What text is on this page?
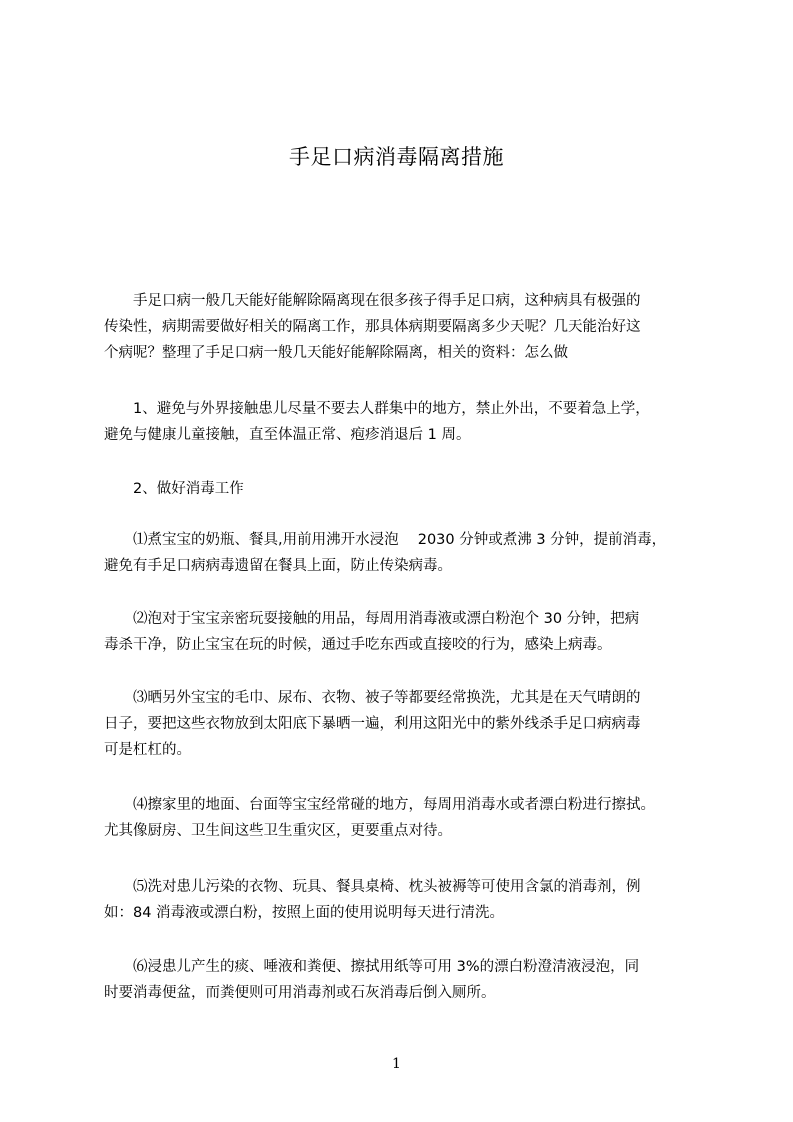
手足口病消毒隔离措施
　　手足口病一般几天能好能解除隔离现在很多孩子得手足口病，这种病具有极强的
传染性，病期需要做好相关的隔离工作，那具体病期要隔离多少天呢？几天能治好这
个病呢？整理了手足口病一般几天能好能解除隔离，相关的资料：怎么做
　　1、避免与外界接触患儿尽量不要去人群集中的地方，禁止外出，不要着急上学，
避免与健康儿童接触，直至体温正常、疱疹消退后 1 周。
　　2、做好消毒工作
　　⑴煮宝宝的奶瓶、餐具,用前用沸开水浸泡　 2030 分钟或煮沸 3 分钟，提前消毒，
避免有手足口病病毒遗留在餐具上面，防止传染病毒。
　　⑵泡对于宝宝亲密玩耍接触的用品，每周用消毒液或漂白粉泡个 30 分钟，把病
毒杀干净，防止宝宝在玩的时候，通过手吃东西或直接咬的行为，感染上病毒。
　　⑶晒另外宝宝的毛巾、尿布、衣物、被子等都要经常换洗，尤其是在天气晴朗的
日子，要把这些衣物放到太阳底下暴晒一遍，利用这阳光中的紫外线杀手足口病病毒
可是杠杠的。
　　⑷擦家里的地面、台面等宝宝经常碰的地方，每周用消毒水或者漂白粉进行擦拭。
尤其像厨房、卫生间这些卫生重灾区，更要重点对待。
　　⑸洗对患儿污染的衣物、玩具、餐具桌椅、枕头被褥等可使用含氯的消毒剂，例
如：84 消毒液或漂白粉，按照上面的使用说明每天进行清洗。
　　⑹浸患儿产生的痰、唾液和粪便、擦拭用纸等可用 3%的漂白粉澄清液浸泡，同
时要消毒便盆，而粪便则可用消毒剂或石灰消毒后倒入厕所。
1
